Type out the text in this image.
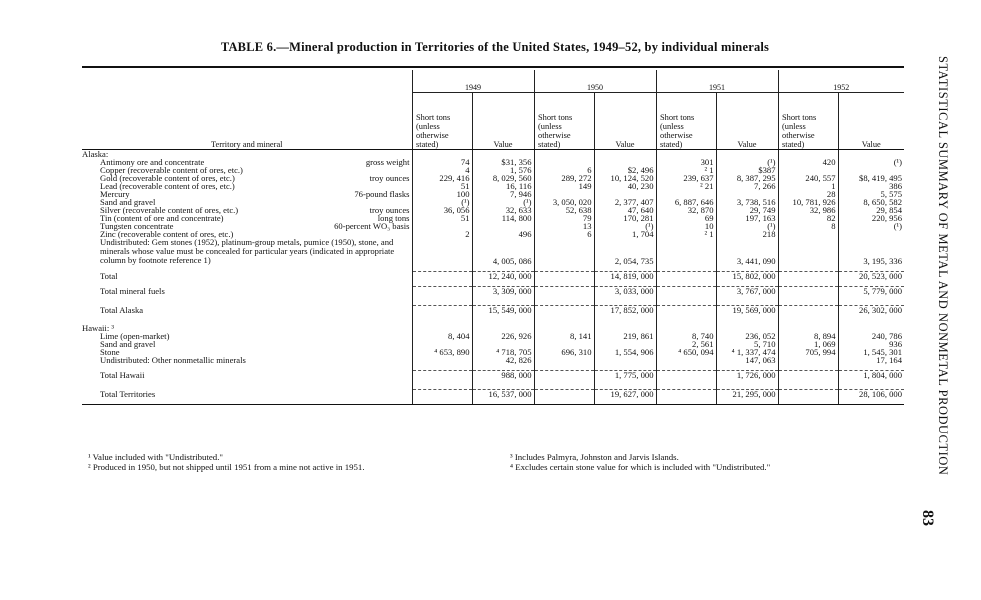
TABLE 6.—Mineral production in Territories of the United States, 1949–52, by individual minerals
Territory and mineral	1949		1950		1951		1952	
	Short tons (unless otherwise stated)	Value	Short tons (unless otherwise stated)	Value	Short tons (unless otherwise stated)	Value	Short tons (unless otherwise stated)	Value

Alaska:								
Antimony ore and concentrate gross weight	74	$31, 356			301	(¹)	420	(¹)
Copper (recoverable content of ores, etc.)	4	1, 576	6	$2, 496	² 1	$387		
Gold (recoverable content of ores, etc.) troy ounces	229, 416	8, 029, 560	289, 272	10, 124, 520	239, 637	8, 387, 295	240, 557	$8, 419, 495
Lead (recoverable content of ores, etc.)	51	16, 116	149	40, 230	² 21	7, 266	1	386
Mercury 76-pound flasks	100	7, 946					28	5, 575
Sand and gravel	(¹)	(¹)	3, 050, 020	2, 377, 407	6, 887, 646	3, 738, 516	10, 781, 926	8, 650, 582
Silver (recoverable content of ores, etc.) troy ounces	36, 056	32, 633	52, 638	47, 640	32, 870	29, 749	32, 986	29, 854
Tin (content of ore and concentrate) long tons	51	114, 800	79	170, 281	69	197, 163	82	220, 956
Tungsten concentrate 60-percent WO₃ basis			13	(¹)	10	(¹)	8	(¹)
Zinc (recoverable content of ores, etc.)	2	496	6	1, 704	² 1	218		
Undistributed: Gem stones (1952), platinum-group metals, pumice (1950), stone, and minerals whose value must be concealed for particular years (indicated in appropriate column by footnote reference 1)		4, 005, 086		2, 054, 735		3, 441, 090		3, 195, 336

Total		12, 240, 000		14, 819, 000		15, 802, 000		20, 523, 000

Total mineral fuels		3, 309, 000		3, 033, 000		3, 767, 000		5, 779, 000

Total Alaska		15, 549, 000		17, 852, 000		19, 569, 000		26, 302, 000

Hawaii: ³								
Lime (open-market)	8, 404	226, 926	8, 141	219, 861	8, 740	236, 052	8, 894	240, 786
Sand and gravel					2, 561	5, 710	1, 069	936
Stone	⁴ 653, 890	⁴ 718, 705	696, 310	1, 554, 906	⁴ 650, 094	⁴ 1, 337, 474	705, 994	1, 545, 301
Undistributed: Other nonmetallic minerals		42, 826				147, 063		17, 164

Total Hawaii		988, 000		1, 775, 000		1, 726, 000		1, 804, 000

Total Territories		16, 537, 000		19, 627, 000		21, 295, 000		28, 106, 000

¹ Value included with "Undistributed."
² Produced in 1950, but not shipped until 1951 from a mine not active in 1951.
³ Includes Palmyra, Johnston and Jarvis Islands.
⁴ Excludes certain stone value for which is included with "Undistributed."	STATISTICAL SUMMARY OF METAL AND NONMETAL PRODUCTION
83
